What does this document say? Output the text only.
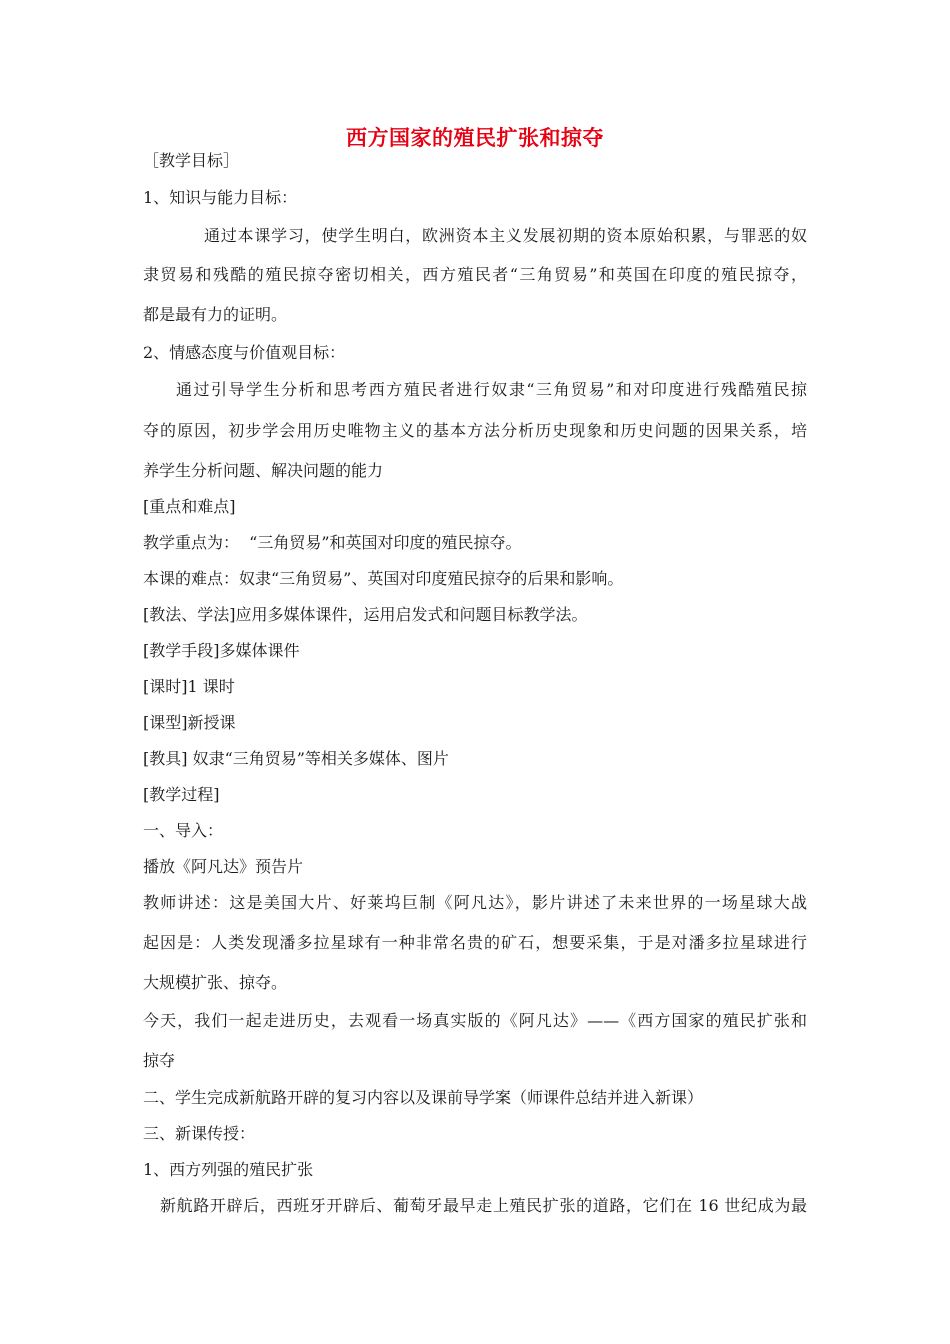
西方国家的殖民扩张和掠夺
［教学目标］
1、知识与能力目标：
通过本课学习，使学生明白，欧洲资本主义发展初期的资本原始积累，与罪恶的奴
隶贸易和残酷的殖民掠夺密切相关，西方殖民者“三角贸易”和英国在印度的殖民掠夺，
都是最有力的证明。
2、情感态度与价值观目标：
通过引导学生分析和思考西方殖民者进行奴隶“三角贸易”和对印度进行残酷殖民掠
夺的原因，初步学会用历史唯物主义的基本方法分析历史现象和历史问题的因果关系，培
养学生分析问题、解决问题的能力
[重点和难点]
教学重点为：  “三角贸易”和英国对印度的殖民掠夺。
本课的难点：奴隶“三角贸易”、英国对印度殖民掠夺的后果和影响。
[教法、学法]应用多媒体课件，运用启发式和问题目标教学法。
[教学手段]多媒体课件
[课时]1 课时
[课型]新授课
[教具] 奴隶“三角贸易”等相关多媒体、图片
[教学过程]
一、导入：
播放《阿凡达》预告片
教师讲述：这是美国大片、好莱坞巨制《阿凡达》，影片讲述了未来世界的一场星球大战
起因是：人类发现潘多拉星球有一种非常名贵的矿石，想要采集，于是对潘多拉星球进行
大规模扩张、掠夺。
今天，我们一起走进历史，去观看一场真实版的《阿凡达》——《西方国家的殖民扩张和
掠夺
二、学生完成新航路开辟的复习内容以及课前导学案（师课件总结并进入新课）
三、新课传授：
1、西方列强的殖民扩张
新航路开辟后，西班牙开辟后、葡萄牙最早走上殖民扩张的道路，它们在 16 世纪成为最
